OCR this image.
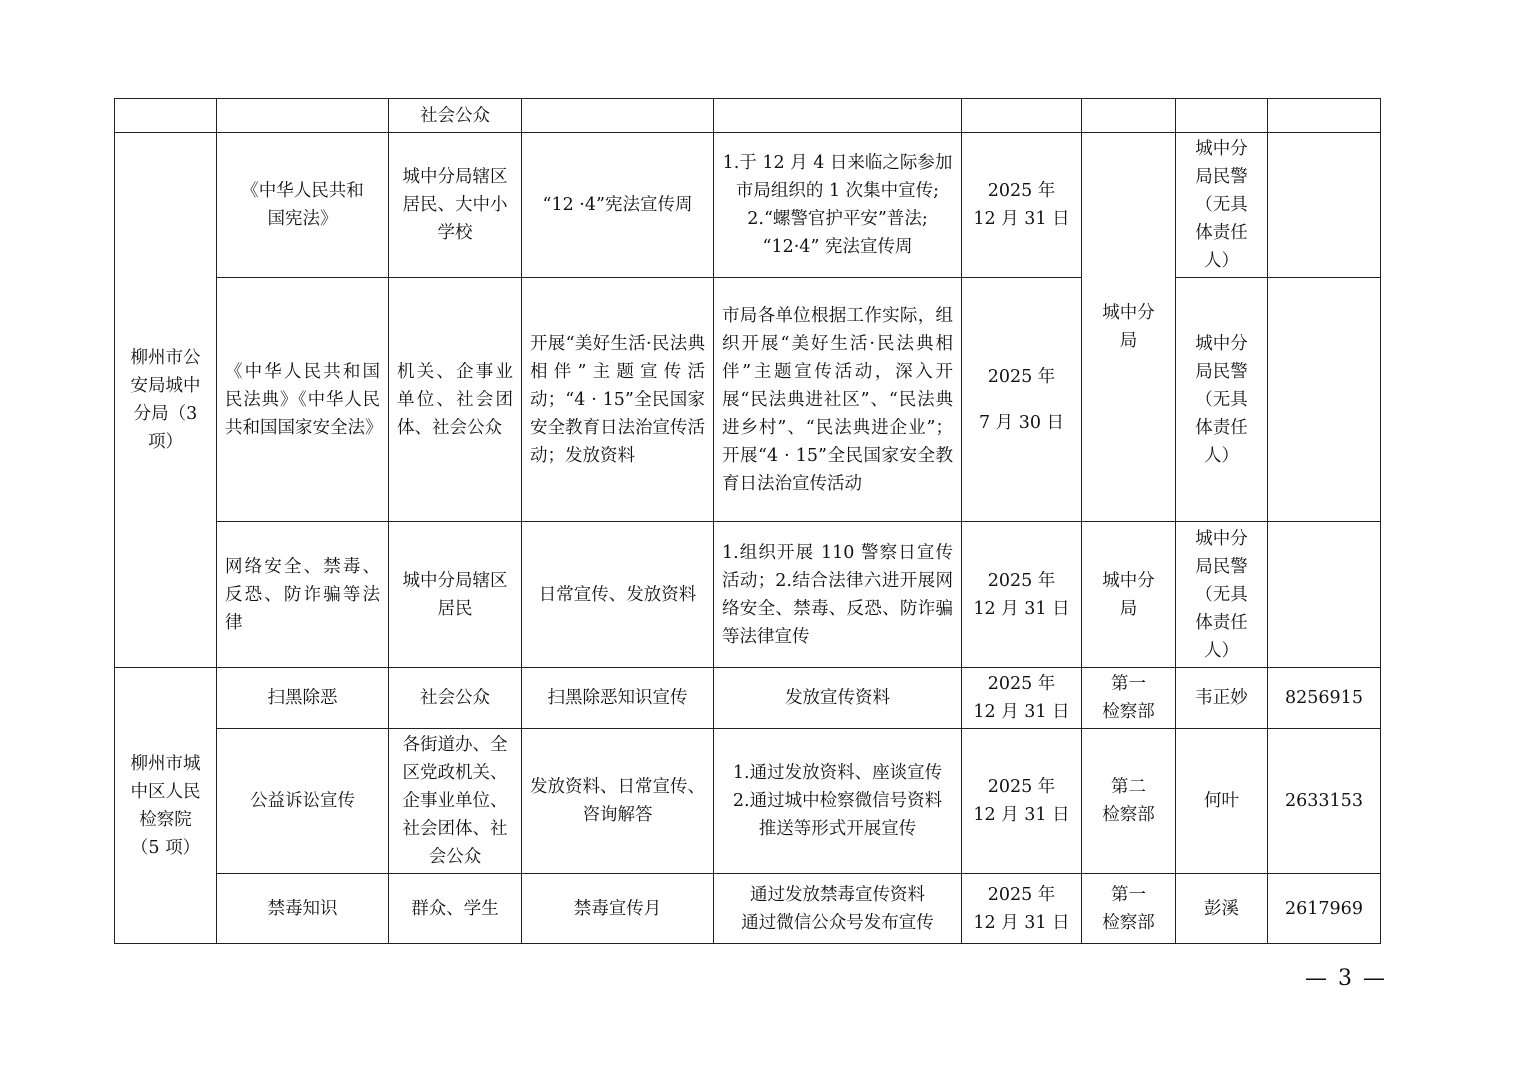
		社会公众						

柳州市公
安局城中
分局（3
项）	《中华人民共和
国宪法》	城中分局辖区
居民、大中小
学校	“12 ·4”宪法宣传周	1.于 12 月 4 日来临之际参加
市局组织的 1 次集中宣传;
2.“螺警官护平安”普法;
“12·4” 宪法宣传周	2025 年
12 月 31 日	城中分
局	城中分
局民警
（无具
体责任
人）	

	《中华人民共和国民法典》《中华人民共和国国家安全法》	机关、企事业单位、社会团体、社会公众	开展“美好生活·民法典相伴”主题宣传活动；“4 · 15”全民国家安全教育日法治宣传活动；发放资料	市局各单位根据工作实际，组织开展“美好生活·民法典相伴”主题宣传活动，深入开展“民法典进社区”、“民法典进乡村”、“民法典进企业”；开展“4 · 15”全民国家安全教育日法治宣传活动	2025 年
7 月 30 日		城中分
局民警
（无具
体责任
人）	

	网络安全、禁毒、反恐、防诈骗等法律	城中分局辖区
居民	日常宣传、发放资料	1.组织开展 110 警察日宣传活动；2.结合法律六进开展网络安全、禁毒、反恐、防诈骗等法律宣传	2025 年
12 月 31 日	城中分
局	城中分
局民警
（无具
体责任
人）	

柳州市城
中区人民
检察院
（5 项）	扫黑除恶	社会公众	扫黑除恶知识宣传	发放宣传资料	2025 年
12 月 31 日	第一
检察部	韦正妙	8256915
	公益诉讼宣传	各街道办、全
区党政机关、
企事业单位、
社会团体、社
会公众	发放资料、日常宣传、
咨询解答	1.通过发放资料、座谈宣传
2.通过城中检察微信号资料
推送等形式开展宣传	2025 年
12 月 31 日	第二
检察部	何叶	2633153
	禁毒知识	群众、学生	禁毒宣传月	通过发放禁毒宣传资料
通过微信公众号发布宣传	2025 年
12 月 31 日	第一
检察部	彭溪	2617969
— 3 —
